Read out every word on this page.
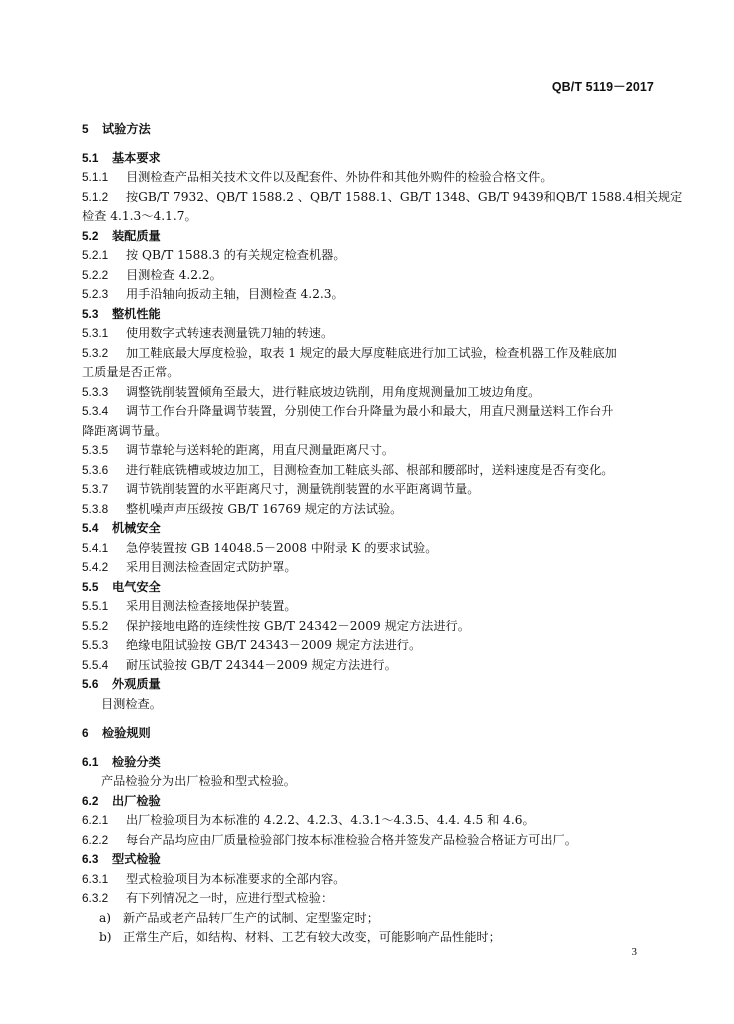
QB/T 5119－2017
5 试验方法
5.1 基本要求
5.1.1 目测检查产品相关技术文件以及配套件、外协件和其他外购件的检验合格文件。
5.1.2 按GB/T 7932、QB/T 1588.2 、QB/T 1588.1、GB/T 1348、GB/T 9439和QB/T 1588.4相关规定
检查 4.1.3～4.1.7。
5.2 装配质量
5.2.1 按 QB/T 1588.3 的有关规定检查机器。
5.2.2 目测检查 4.2.2。
5.2.3 用手沿轴向扳动主轴，目测检查 4.2.3。
5.3 整机性能
5.3.1 使用数字式转速表测量铣刀轴的转速。
5.3.2 加工鞋底最大厚度检验，取表 1 规定的最大厚度鞋底进行加工试验，检查机器工作及鞋底加
工质量是否正常。
5.3.3 调整铣削装置倾角至最大，进行鞋底坡边铣削，用角度规测量加工坡边角度。
5.3.4 调节工作台升降量调节装置，分别使工作台升降量为最小和最大，用直尺测量送料工作台升
降距离调节量。
5.3.5 调节靠轮与送料轮的距离，用直尺测量距离尺寸。
5.3.6 进行鞋底铣槽或坡边加工，目测检查加工鞋底头部、根部和腰部时，送料速度是否有变化。
5.3.7 调节铣削装置的水平距离尺寸，测量铣削装置的水平距离调节量。
5.3.8 整机噪声声压级按 GB/T 16769 规定的方法试验。
5.4 机械安全
5.4.1 急停装置按 GB 14048.5－2008 中附录 K 的要求试验。
5.4.2 采用目测法检查固定式防护罩。
5.5 电气安全
5.5.1 采用目测法检查接地保护装置。
5.5.2 保护接地电路的连续性按 GB/T 24342－2009 规定方法进行。
5.5.3 绝缘电阻试验按 GB/T 24343－2009 规定方法进行。
5.5.4 耐压试验按 GB/T 24344－2009 规定方法进行。
5.6 外观质量
目测检查。
6 检验规则
6.1 检验分类
产品检验分为出厂检验和型式检验。
6.2 出厂检验
6.2.1 出厂检验项目为本标准的 4.2.2、4.2.3、4.3.1～4.3.5、4.4. 4.5 和 4.6。
6.2.2 每台产品均应由厂质量检验部门按本标准检验合格并签发产品检验合格证方可出厂。
6.3 型式检验
6.3.1 型式检验项目为本标准要求的全部内容。
6.3.2 有下列情况之一时，应进行型式检验：
a) 新产品或老产品转厂生产的试制、定型鉴定时；
b) 正常生产后，如结构、材料、工艺有较大改变，可能影响产品性能时；
3
